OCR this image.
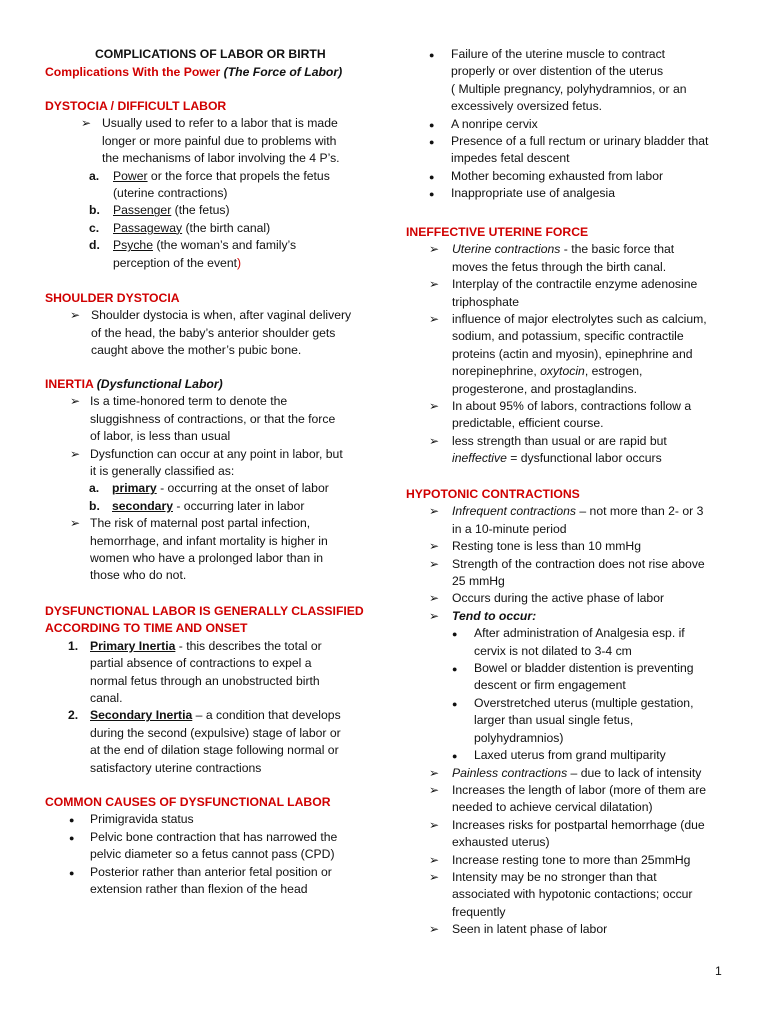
COMPLICATIONS OF LABOR OR BIRTH
Complications With the Power (The Force of Labor)

DYSTOCIA / DIFFICULT LABOR

➢ Usually used to refer to a labor that is made
longer or more painful due to problems with
the mechanisms of labor involving the 4 P’s.
a. Power or the force that propels the fetus
(uterine contractions)
b. Passenger (the fetus)
c. Passageway (the birth canal)
d. Psyche (the woman’s and family’s
perception of the event)

SHOULDER DYSTOCIA

➢ Shoulder dystocia is when, after vaginal delivery
of the head, the baby’s anterior shoulder gets
caught above the mother’s pubic bone.

INERTIA (Dysfunctional Labor)

➢ Is a time-honored term to denote the
sluggishness of contractions, or that the force
of labor, is less than usual
➢ Dysfunction can occur at any point in labor, but
it is generally classified as:
a. primary - occurring at the onset of labor
b. secondary - occurring later in labor
➢ The risk of maternal post partal infection,
hemorrhage, and infant mortality is higher in
women who have a prolonged labor than in
those who do not.

DYSFUNCTIONAL LABOR IS GENERALLY CLASSIFIED

ACCORDING TO TIME AND ONSET

1. Primary Inertia - this describes the total or
partial absence of contractions to expel a
normal fetus through an unobstructed birth
canal.
2. Secondary Inertia – a condition that develops
during the second (expulsive) stage of labor or
at the end of dilation stage following normal or
satisfactory uterine contractions

COMMON CAUSES OF DYSFUNCTIONAL LABOR

● Primigravida status
● Pelvic bone contraction that has narrowed the
pelvic diameter so a fetus cannot pass (CPD)
● Posterior rather than anterior fetal position or
extension rather than flexion of the head
● Failure of the uterine muscle to contract
properly or over distention of the uterus
( Multiple pregnancy, polyhydramnios, or an
excessively oversized fetus.
● A nonripe cervix
● Presence of a full rectum or urinary bladder that
impedes fetal descent
● Mother becoming exhausted from labor
● Inappropriate use of analgesia

INEFFECTIVE UTERINE FORCE

➢ Uterine contractions - the basic force that
moves the fetus through the birth canal.
➢ Interplay of the contractile enzyme adenosine
triphosphate
➢ influence of major electrolytes such as calcium,
sodium, and potassium, specific contractile
proteins (actin and myosin), epinephrine and
norepinephrine, oxytocin, estrogen,
progesterone, and prostaglandins.
➢ In about 95% of labors, contractions follow a
predictable, efficient course.
➢ less strength than usual or are rapid but
ineffective = dysfunctional labor occurs

HYPOTONIC CONTRACTIONS

➢ Infrequent contractions – not more than 2- or 3
in a 10-minute period
➢ Resting tone is less than 10 mmHg
➢ Strength of the contraction does not rise above
25 mmHg
➢ Occurs during the active phase of labor
➢ Tend to occur:
● After administration of Analgesia esp. if
cervix is not dilated to 3-4 cm
● Bowel or bladder distention is preventing
descent or firm engagement
● Overstretched uterus (multiple gestation,
larger than usual single fetus,
polyhydramnios)
● Laxed uterus from grand multiparity
➢ Painless contractions – due to lack of intensity
➢ Increases the length of labor (more of them are
needed to achieve cervical dilatation)
➢ Increases risks for postpartal hemorrhage (due
exhausted uterus)
➢ Increase resting tone to more than 25mmHg
➢ Intensity may be no stronger than that
associated with hypotonic contactions; occur
frequently
➢ Seen in latent phase of labor
1
